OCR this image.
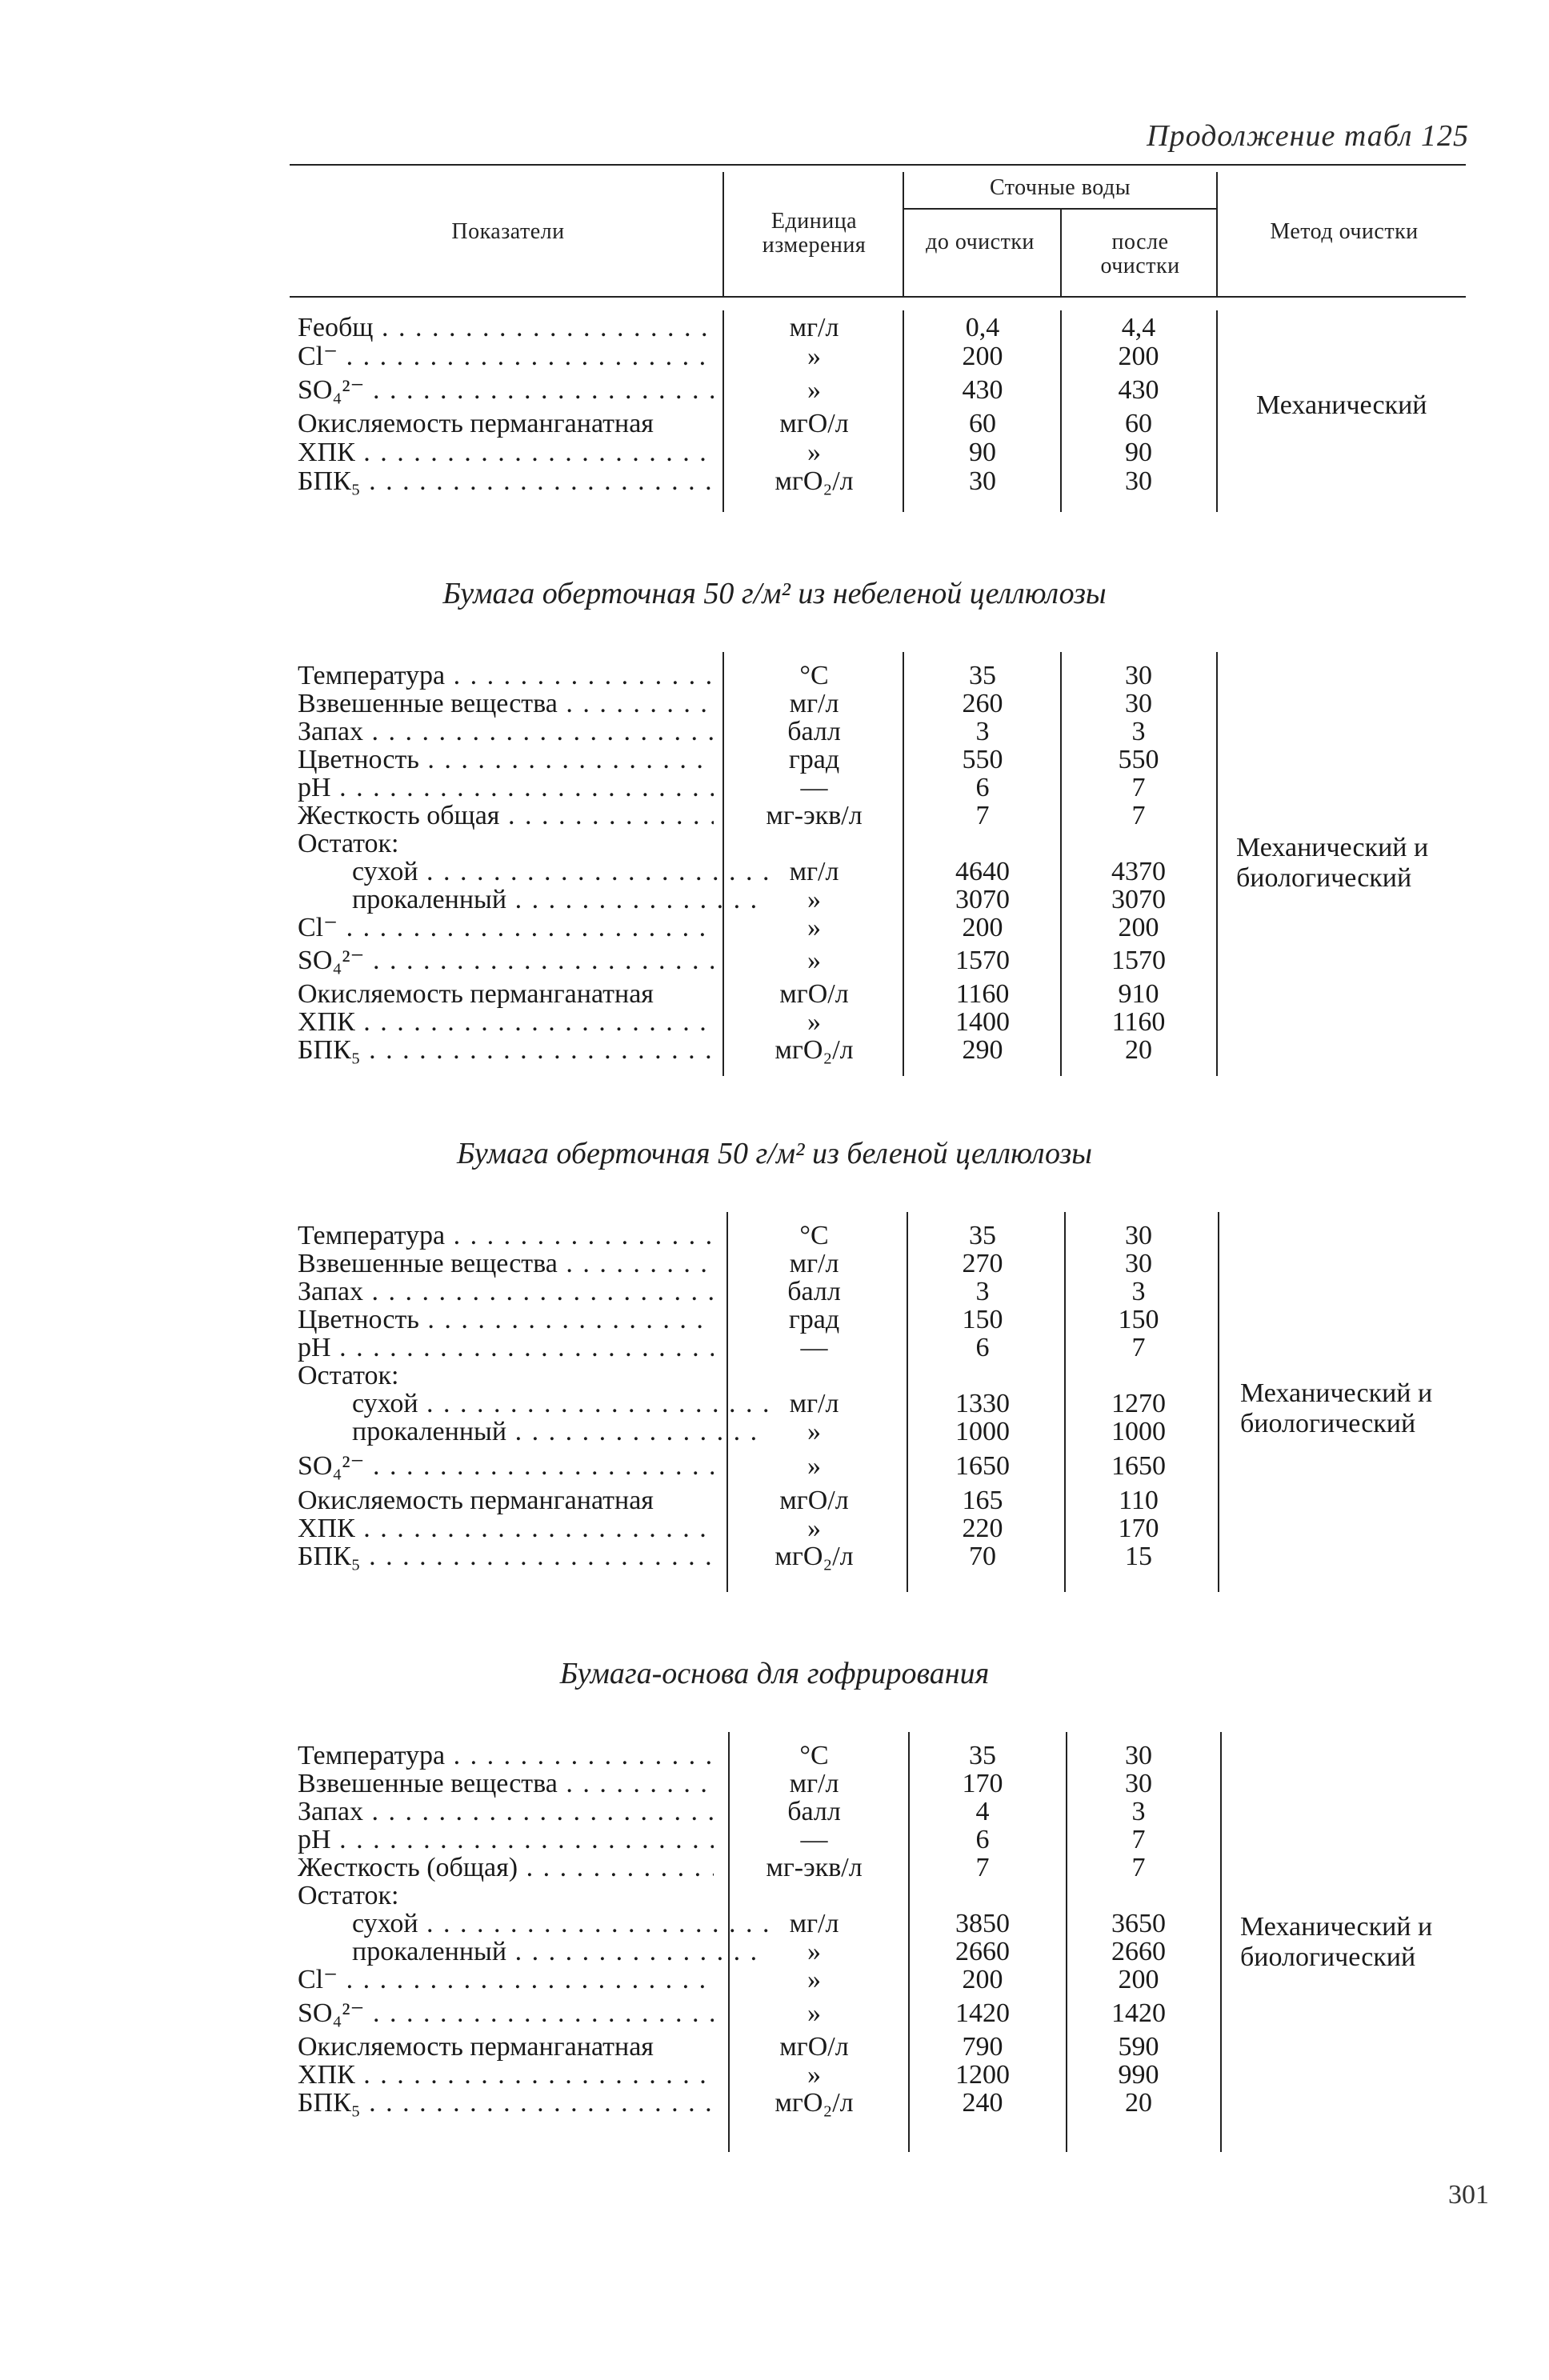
Продолжение табл 125
Показатели	Единица измерения
Сточные воды
до очистки	после очистки
Метод очистки
Feобщ . . .	мг/л	0,4	4,4
Cl⁻ . . .	»	200	200
SO₄²⁻ . . .	»	430	430
Окисляемость перманганатная	мгО/л	60	60
ХПК . . .	»	90	90
БПК₅ . . .	мгО₂/л	30	30
Механический
Бумага оберточная 50 г/м² из небеленой целлюлозы
Температура . . .	°С	35	30
Взвешенные вещества . . .	мг/л	260	30
Запах . . .	балл	3	3
Цветность . . .	град	550	550
pH . . .	—	6	7
Жесткость общая . . .	мг-экв/л	7	7
Остаток:
сухой . . .	мг/л	4640	4370
прокаленный . . .	»	3070	3070
Cl⁻ . . .	»	200	200
SO₄²⁻ . . .	»	1570	1570
Окисляемость перманганатная	мгО/л	1160	910
ХПК . . .	»	1400	1160
БПК₅ . . .	мгО₂/л	290	20
Механический и биологический
Бумага оберточная 50 г/м² из беленой целлюлозы
Температура . . .	°С	35	30
Взвешенные вещества . . .	мг/л	270	30
Запах . . .	балл	3	3
Цветность . . .	град	150	150
pH . . .	—	6	7
Остаток:
сухой . . .	мг/л	1330	1270
прокаленный . . .	»	1000	1000
SO₄²⁻ . . .	»	1650	1650
Окисляемость перманганатная	мгО/л	165	110
ХПК . . .	»	220	170
БПК₅ . . .	мгО₂/л	70	15
Механический и биологический
Бумага-основа для гофрирования
Температура . . .	°С	35	30
Взвешенные вещества . . .	мг/л	170	30
Запах . . .	балл	4	3
pH . . .	—	6	7
Жесткость (общая) . . .	мг-экв/л	7	7
Остаток:
сухой . . .	мг/л	3850	3650
прокаленный . . .	»	2660	2660
Cl⁻ . . .	»	200	200
SO₄²⁻ . . .	»	1420	1420
Окисляемость перманганатная	мгО/л	790	590
ХПК . . .	»	1200	990
БПК₅ . . .	мгО₂/л	240	20
Механический и биологический
301
